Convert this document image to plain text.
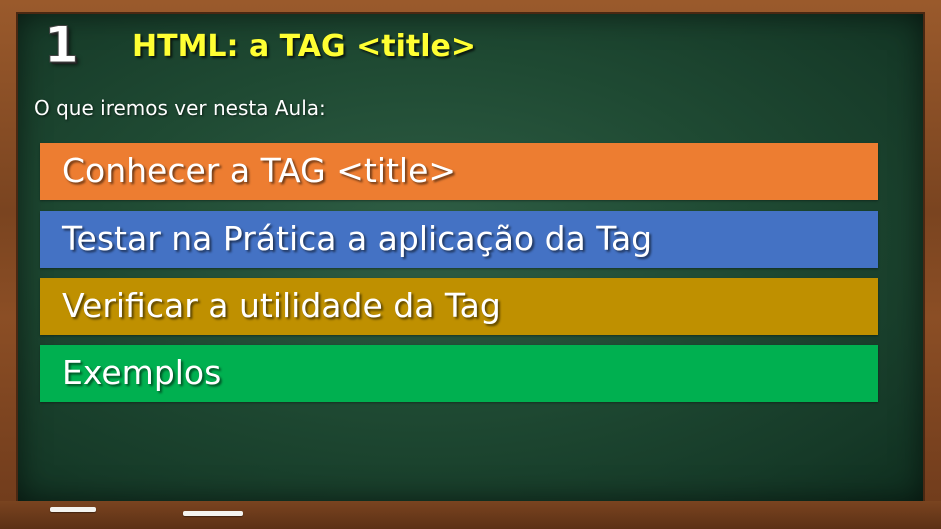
1 HTML: a TAG <title>
O que iremos ver nesta Aula:
Conhecer a TAG <title>
Testar na Prática a aplicação da Tag
Verificar a utilidade da Tag
Exemplos
